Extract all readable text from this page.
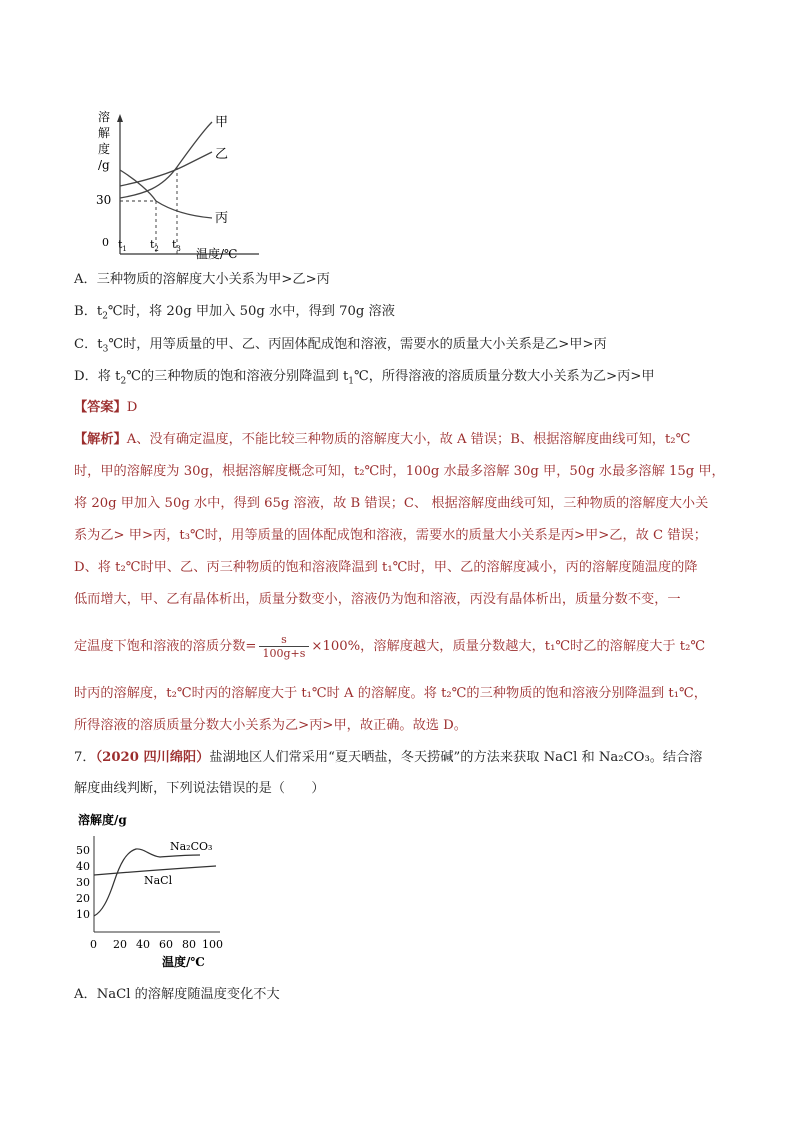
溶
解
度
/g
30
0
甲
乙
丙
$t_1$ $t_2$ $t_3$ 温度/℃
A．三种物质的溶解度大小关系为甲>乙>丙
B．$t_2℃$时，将 20g 甲加入 50g 水中，得到 70g 溶液
C．$t_3℃$时，用等质量的甲、乙、丙固体配成饱和溶液，需要水的质量大小关系是乙>甲>丙
D．将 $t_2℃$的三种物质的饱和溶液分别降温到 $t_1℃$，所得溶液的溶质质量分数大小关系为乙>丙>甲
【答案】D
【解析】A、没有确定温度，不能比较三种物质的溶解度大小，故 A 错误；B、根据溶解度曲线可知，t₂℃
时，甲的溶解度为 30g，根据溶解度概念可知，t₂℃时，100g 水最多溶解 30g 甲，50g 水最多溶解 15g 甲，
将 20g 甲加入 50g 水中，得到 65g 溶液，故 B 错误；C、 根据溶解度曲线可知，三种物质的溶解度大小关
系为乙> 甲>丙，t₃℃时，用等质量的固体配成饱和溶液，需要水的质量大小关系是丙>甲>乙，故 C 错误；
D、将 t₂℃时甲、乙、丙三种物质的饱和溶液降温到 t₁℃时，甲、乙的溶解度减小，丙的溶解度随温度的降
低而增大，甲、乙有晶体析出，质量分数变小，溶液仍为饱和溶液，丙没有晶体析出，质量分数不变，一
定温度下饱和溶液的溶质分数= $\frac{s}{100g+s} \times 100\%$，溶解度越大，质量分数越大，t₁℃时乙的溶解度大于 t₂℃
时丙的溶解度，t₂℃时丙的溶解度大于 t₁℃时 A 的溶解度。将 t₂℃的三种物质的饱和溶液分别降温到 t₁℃，
所得溶液的溶质质量分数大小关系为乙>丙>甲，故正确。故选 D。
7．（2020 四川绵阳）盐湖地区人们常采用“夏天晒盐，冬天捞碱”的方法来获取 NaCl 和 Na₂CO₃。结合溶
解度曲线判断，下列说法错误的是（　　）
溶解度/g
50
40
30
20
10
0 20 40 60 80 100
温度/℃
Na₂CO₃
NaCl
A．NaCl 的溶解度随温度变化不大
